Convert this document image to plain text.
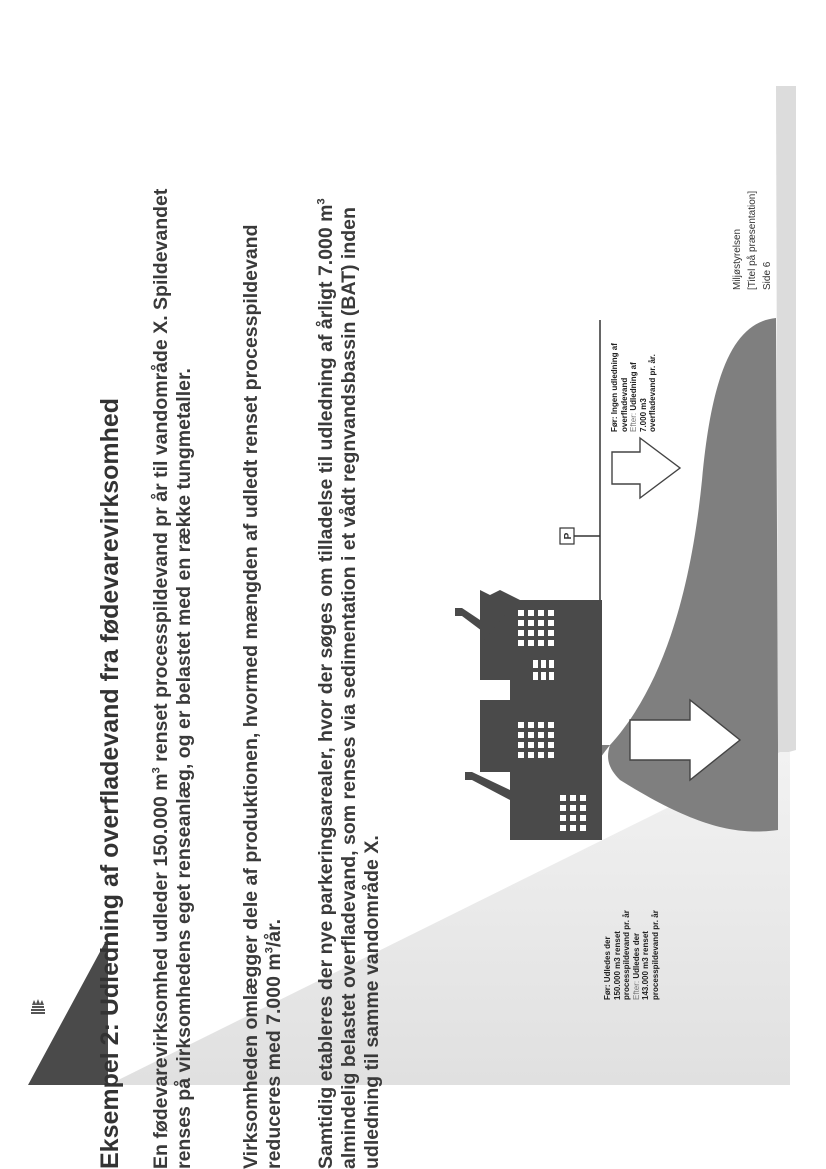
P
Eksempel 2: Udledning af overfladevand fra fødevarevirksomhed En fødevarevirksomhed udleder 150.000 $m^3$ renset processpildevand pr år til vandområde X. Spildevandet renses på virksomhedens eget renseanlæg, og er belastet med en række tungmetaller. Virksomheden omlægger dele af produktionen, hvormed mængden af udledt renset processpildevand reduceres med 7.000 $m^3/år$. Samtidig etableres der nye parkeringsarealer, hvor der søges om tilladelse til udledning af årligt 7.000 $m^3$ almindelig belastet overfladevand, som renses via sedimentation i et vådt regnvandsbassin (BAT) inden udledning til samme vandområde X.	Før: Udledes der 150.000 m3 renset processpildevand pr. år Efter: Udledes der 143.000 m3 renset processpildevand pr. år
Før: Ingen udledning af overfladevand Efter: Udledning af
7.000 m3 overfladevand pr. år.
Miljøstyrelsen [Titel på præsentation] Side 6
